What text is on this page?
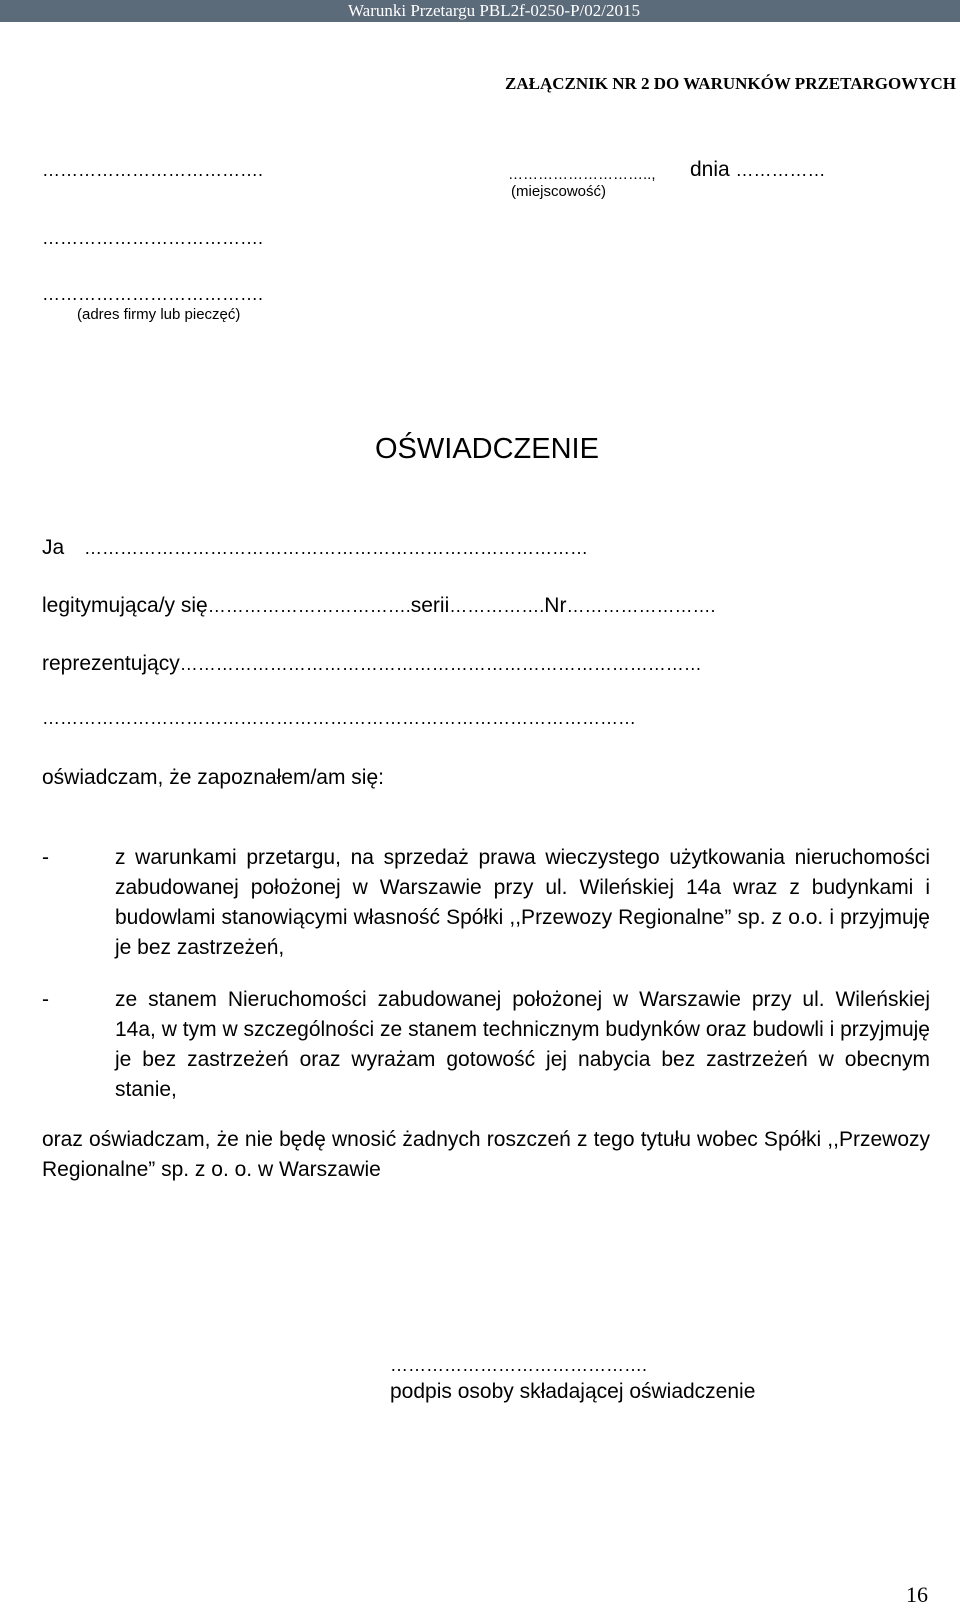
Warunki Przetargu PBL2f-0250-P/02/2015
ZAŁĄCZNIK NR 2 DO WARUNKÓW PRZETARGOWYCH
……………………………….	……………………….., dnia ……………
(miejscowość)
……………………………….
……………………………….
(adres firmy lub pieczęć)
OŚWIADCZENIE
Ja …………………………………………………………………………
legitymująca/y się…………………………….serii…………….Nr…………………….
reprezentujący……………………………………………………………………………
………………………………………………………………………………………
oświadczam, że zapoznałem/am się:
-	z warunkami przetargu, na sprzedaż prawa wieczystego użytkowania nieruchomości zabudowanej położonej w Warszawie przy ul. Wileńskiej 14a wraz z budynkami i budowlami stanowiącymi własność Spółki ,,Przewozy Regionalne” sp. z o.o. i przyjmuję je bez zastrzeżeń,
-	ze stanem Nieruchomości zabudowanej położonej w Warszawie przy ul. Wileńskiej 14a, w tym w szczególności ze stanem technicznym budynków oraz budowli i przyjmuję je bez zastrzeżeń oraz wyrażam gotowość jej nabycia bez zastrzeżeń w obecnym stanie,
oraz oświadczam, że nie będę wnosić żadnych roszczeń z tego tytułu wobec Spółki ,,Przewozy Regionalne” sp. z o. o. w Warszawie
…………………………………….
podpis osoby składającej oświadczenie
16
